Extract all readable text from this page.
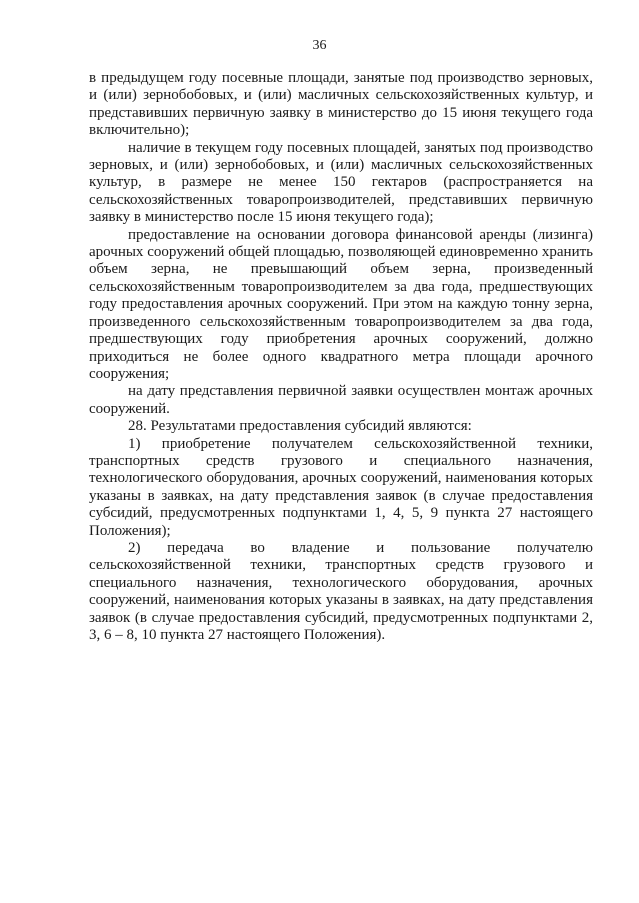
36

в предыдущем году посевные площади, занятые под производство зерновых, и (или) зернобобовых, и (или) масличных сельскохозяйственных культур, и представивших первичную заявку в министерство до 15 июня текущего года включительно);

наличие в текущем году посевных площадей, занятых под производство зерновых, и (или) зернобобовых, и (или) масличных сельскохозяйственных культур, в размере не менее 150 гектаров (распространяется на сельскохозяйственных товаропроизводителей, представивших первичную заявку в министерство после 15 июня текущего года);

предоставление на основании договора финансовой аренды (лизинга) арочных сооружений общей площадью, позволяющей единовременно хранить объем зерна, не превышающий объем зерна, произведенный сельскохозяйственным товаропроизводителем за два года, предшествующих году предоставления арочных сооружений. При этом на каждую тонну зерна, произведенного сельскохозяйственным товаропроизводителем за два года, предшествующих году приобретения арочных сооружений, должно приходиться не более одного квадратного метра площади арочного сооружения;

на дату представления первичной заявки осуществлен монтаж арочных сооружений.

28. Результатами предоставления субсидий являются:

1) приобретение получателем сельскохозяйственной техники, транспортных средств грузового и специального назначения, технологического оборудования, арочных сооружений, наименования которых указаны в заявках, на дату представления заявок (в случае предоставления субсидий, предусмотренных подпунктами 1, 4, 5, 9 пункта 27 настоящего Положения);

2) передача во владение и пользование получателю сельскохозяйственной техники, транспортных средств грузового и специального назначения, технологического оборудования, арочных сооружений, наименования которых указаны в заявках, на дату представления заявок (в случае предоставления субсидий, предусмотренных подпунктами 2, 3, 6 – 8, 10 пункта 27 настоящего Положения).
